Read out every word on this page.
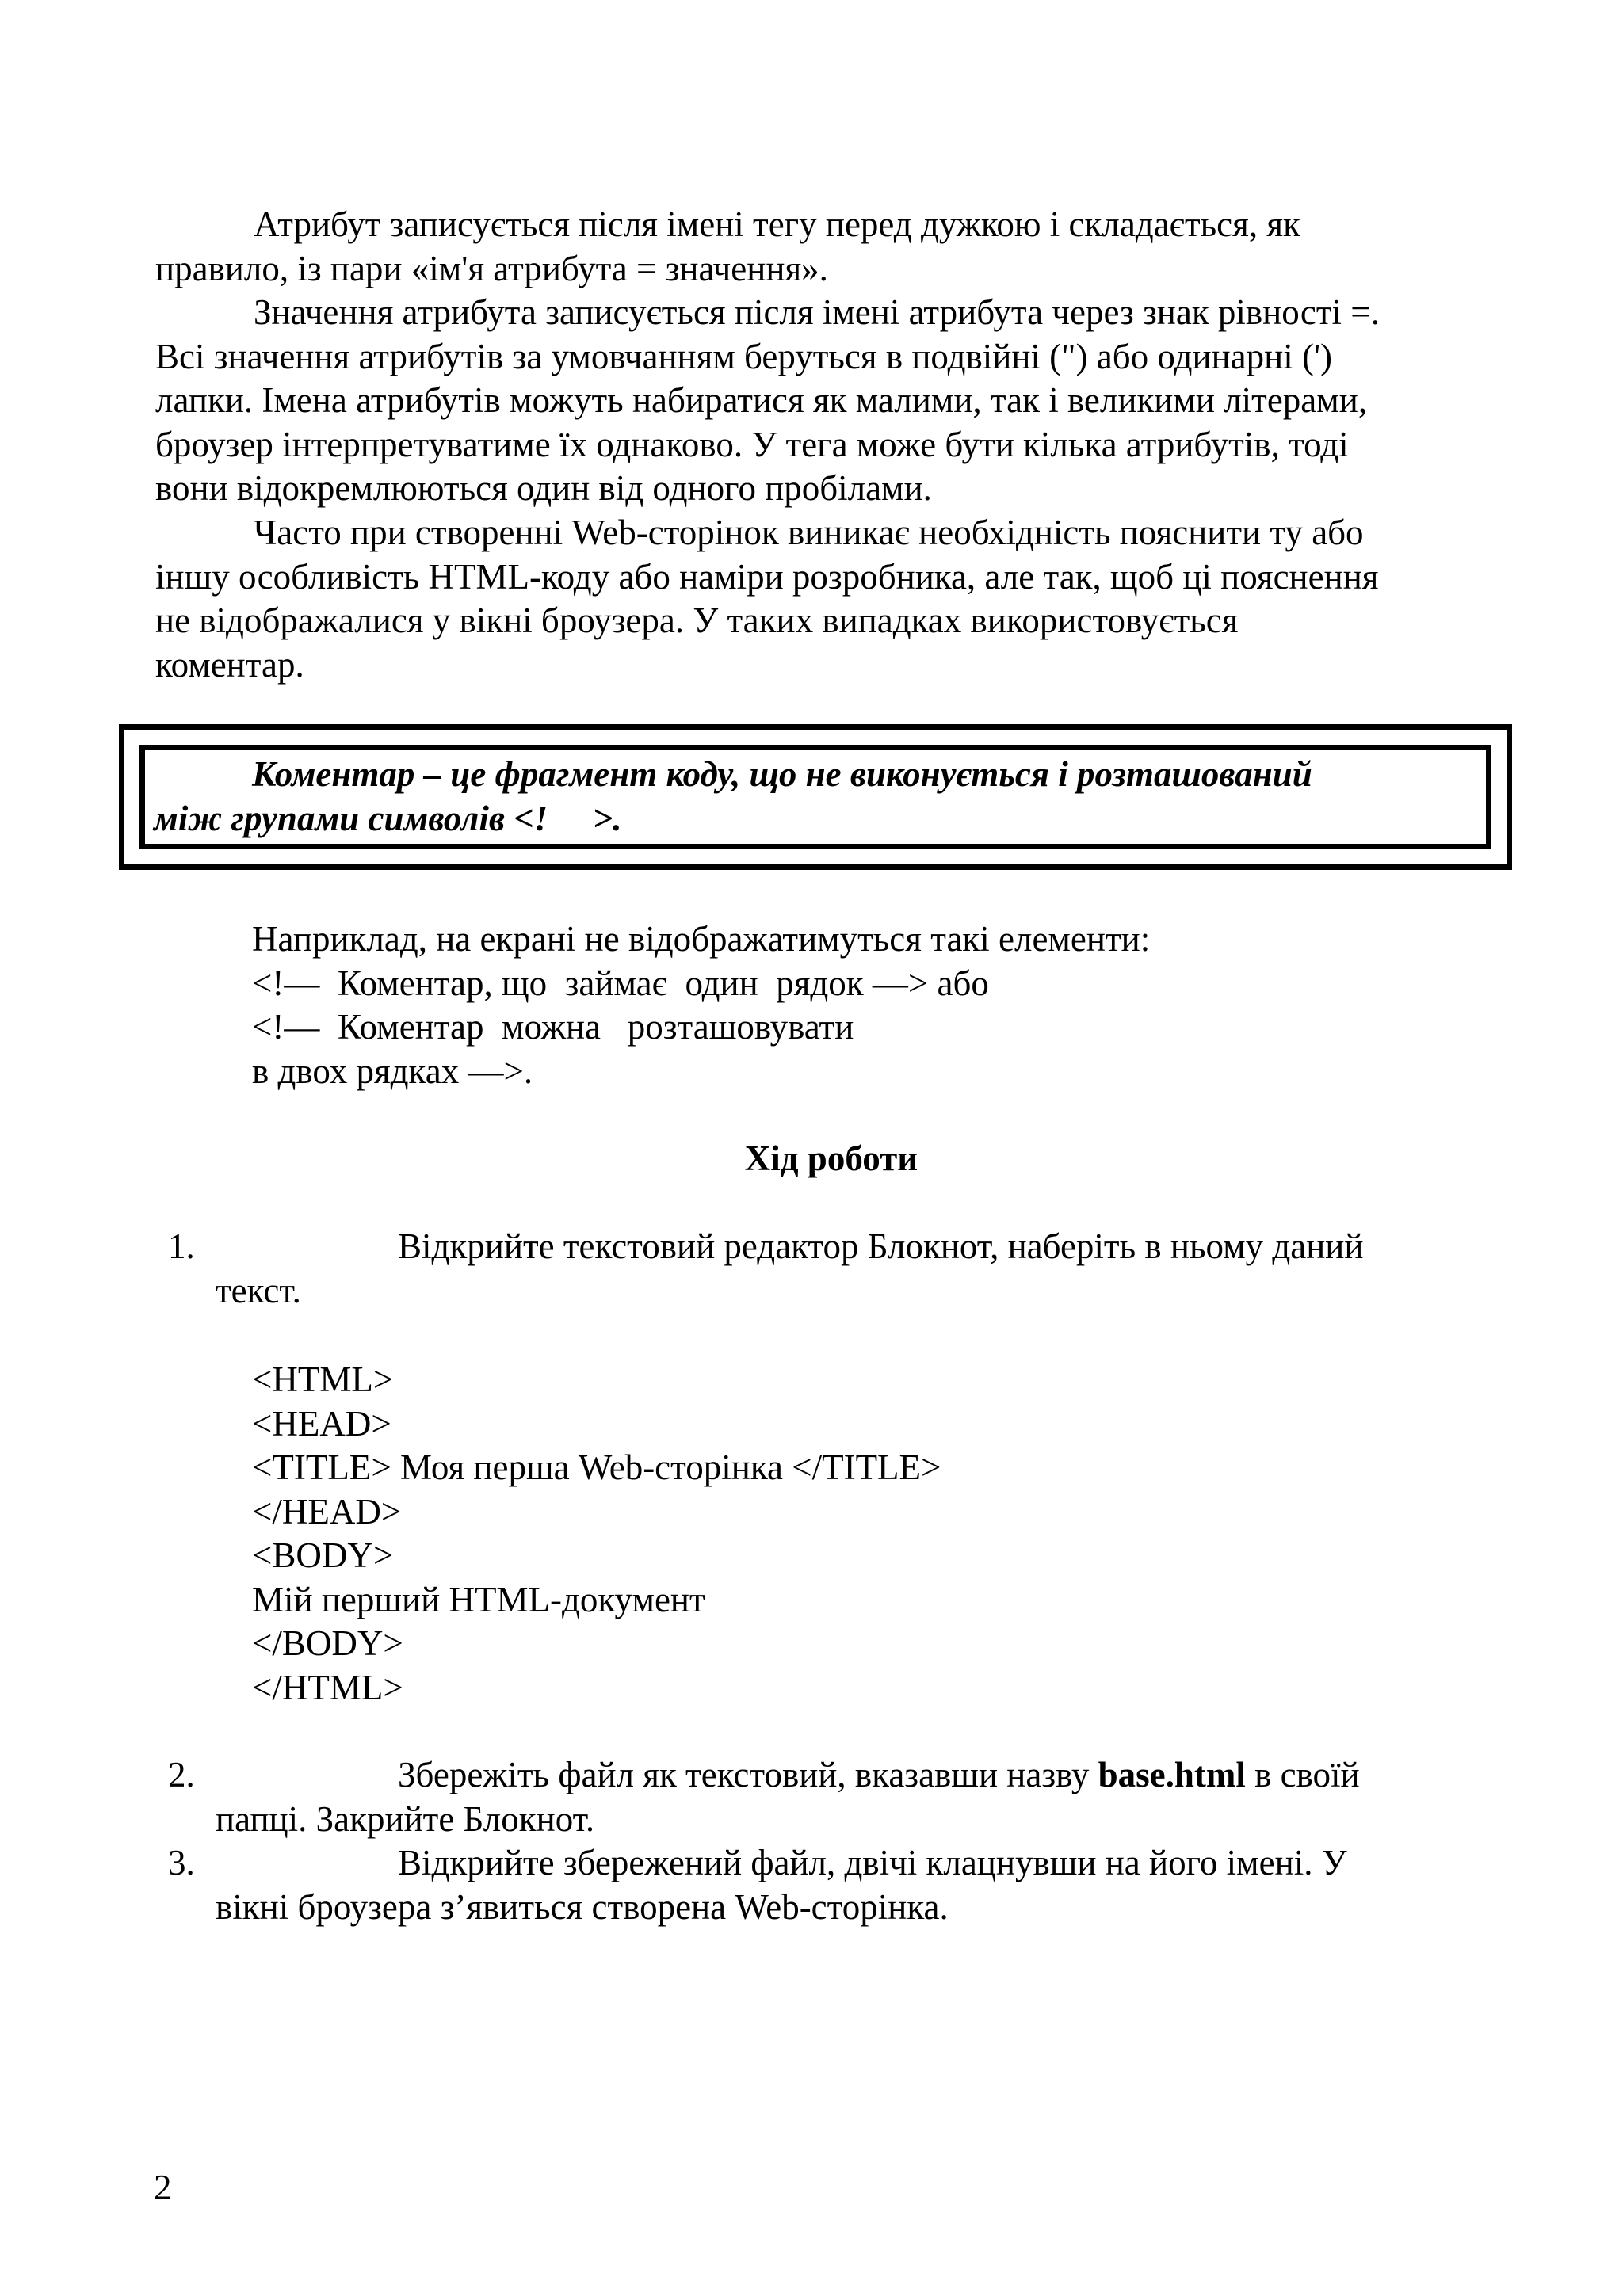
Атрибут записується після імені тегу перед дужкою і складається, як
правило, із пари «ім'я атрибута = значення».
Значення атрибута записується після імені атрибута через знак рівності =.
Всі значення атрибутів за умовчанням беруться в подвійні (") або одинарні (')
лапки. Імена атрибутів можуть набиратися як малими, так і великими літерами,
броузер інтерпретуватиме їх однаково. У тега може бути кілька атрибутів, тоді
вони відокремлюються один від одного пробілами.
Часто при створенні Web-сторінок виникає необхідність пояснити ту або
іншу особливість HTML-коду або наміри розробника, але так, щоб ці пояснення
не відображалися у вікні броузера. У таких випадках використовується
коментар.
Коментар – це фрагмент коду, що не виконується і розташований
між групами символів <!     >.
Наприклад, на екрані не відображатимуться такі елементи:
<!—  Коментар, що  займає  один  рядок —> або
<!—  Коментар  можна   розташовувати
в двох рядках —>.
Хід роботи
1.	Відкрийте текстовий редактор Блокнот, наберіть в ньому даний
текст.
<HTML>
<HEAD>
<TITLE> Моя перша Web-сторінка </TITLE>
</HEAD>
<BODY>
Мій перший HTML-документ
</BODY>
</HTML>
2.	Збережіть файл як текстовий, вказавши назву base.html в своїй
папці. Закрийте Блокнот.
3.	Відкрийте збережений файл, двічі клацнувши на його імені. У
вікні броузера з’явиться створена Web-сторінка.
2
